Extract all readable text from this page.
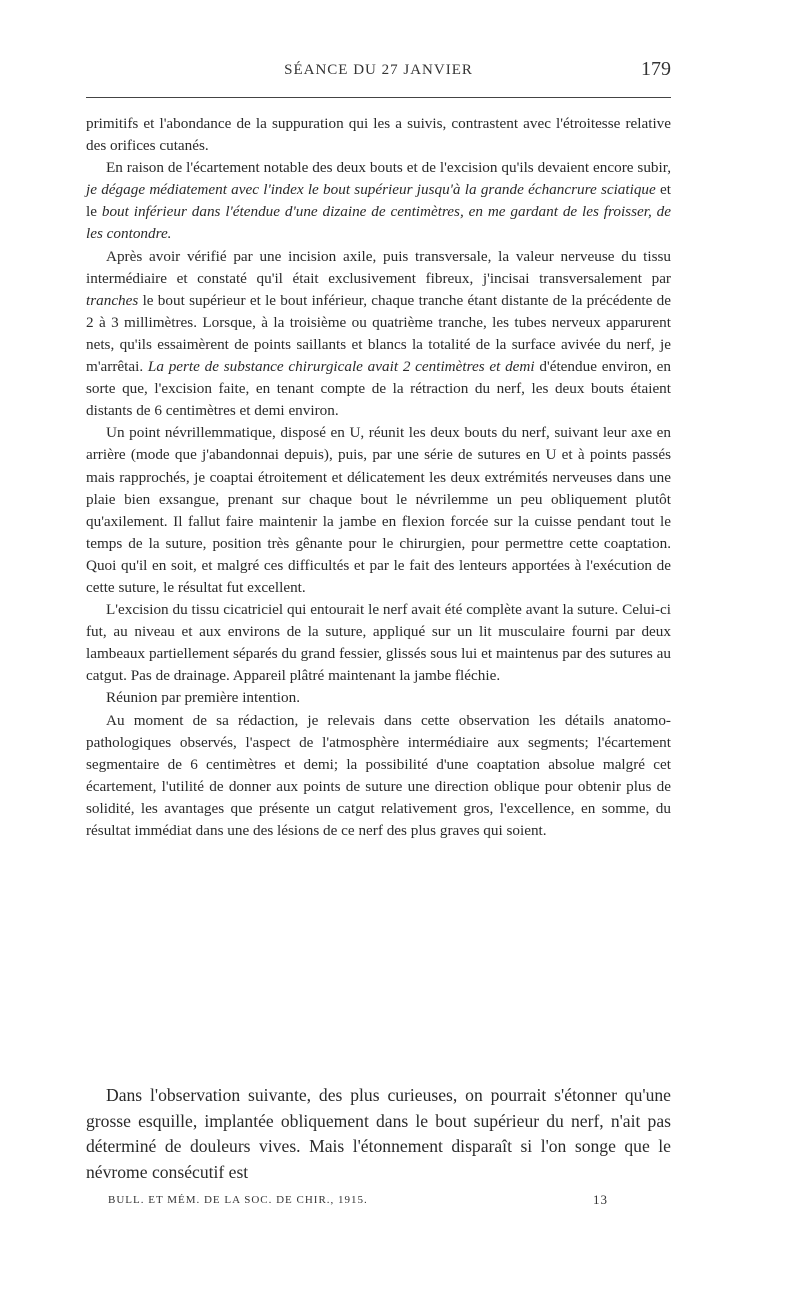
SÉANCE DU 27 JANVIER	179

primitifs et l'abondance de la suppuration qui les a suivis, contrastent avec l'étroitesse relative des orifices cutanés.

En raison de l'écartement notable des deux bouts et de l'excision qu'ils devaient encore subir, je dégage médiatement avec l'index le bout supérieur jusqu'à la grande échancrure sciatique et le bout inférieur dans l'étendue d'une dizaine de centimètres, en me gardant de les froisser, de les contondre.

Après avoir vérifié par une incision axile, puis transversale, la valeur nerveuse du tissu intermédiaire et constaté qu'il était exclusivement fibreux, j'incisai transversalement par tranches le bout supérieur et le bout inférieur, chaque tranche étant distante de la précédente de 2 à 3 millimètres. Lorsque, à la troisième ou quatrième tranche, les tubes nerveux apparurent nets, qu'ils essaimèrent de points saillants et blancs la totalité de la surface avivée du nerf, je m'arrêtai. La perte de substance chirurgicale avait 2 centimètres et demi d'étendue environ, en sorte que, l'excision faite, en tenant compte de la rétraction du nerf, les deux bouts étaient distants de 6 centimètres et demi environ.

Un point névrillemmatique, disposé en U, réunit les deux bouts du nerf, suivant leur axe en arrière (mode que j'abandonnai depuis), puis, par une série de sutures en U et à points passés mais rapprochés, je coaptai étroitement et délicatement les deux extrémités nerveuses dans une plaie bien exsangue, prenant sur chaque bout le névrilemme un peu obliquement plutôt qu'axilement. Il fallut faire maintenir la jambe en flexion forcée sur la cuisse pendant tout le temps de la suture, position très gênante pour le chirurgien, pour permettre cette coaptation. Quoi qu'il en soit, et malgré ces difficultés et par le fait des lenteurs apportées à l'exécution de cette suture, le résultat fut excellent.

L'excision du tissu cicatriciel qui entourait le nerf avait été complète avant la suture. Celui-ci fut, au niveau et aux environs de la suture, appliqué sur un lit musculaire fourni par deux lambeaux partiellement séparés du grand fessier, glissés sous lui et maintenus par des sutures au catgut. Pas de drainage. Appareil plâtré maintenant la jambe fléchie.

Réunion par première intention.

Au moment de sa rédaction, je relevais dans cette observation les détails anatomo-pathologiques observés, l'aspect de l'atmosphère intermédiaire aux segments; l'écartement segmentaire de 6 centimètres et demi; la possibilité d'une coaptation absolue malgré cet écartement, l'utilité de donner aux points de suture une direction oblique pour obtenir plus de solidité, les avantages que présente un catgut relativement gros, l'excellence, en somme, du résultat immédiat dans une des lésions de ce nerf des plus graves qui soient.

Dans l'observation suivante, des plus curieuses, on pourrait s'étonner qu'une grosse esquille, implantée obliquement dans le bout supérieur du nerf, n'ait pas déterminé de douleurs vives. Mais l'étonnement disparaît si l'on songe que le névrome consécutif est

BULL. ET MÉM. DE LA SOC. DE CHIR., 1915.	13
